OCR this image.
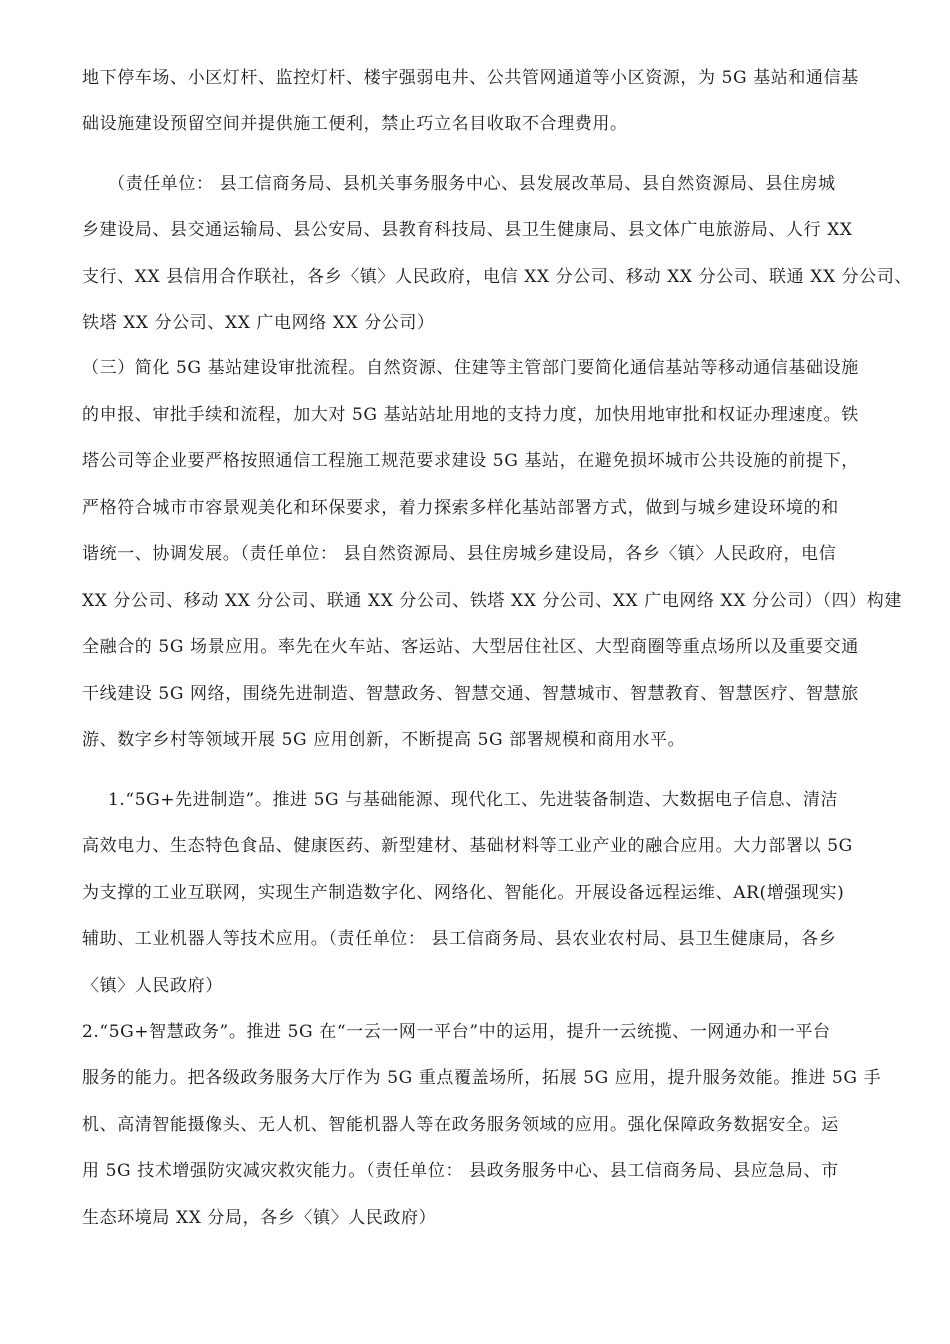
地下停车场、小区灯杆、监控灯杆、楼宇强弱电井、公共管网通道等小区资源，为 5G 基站和通信基
础设施建设预留空间并提供施工便利，禁止巧立名目收取不合理费用。
（责任单位： 县工信商务局、县机关事务服务中心、县发展改革局、县自然资源局、县住房城
乡建设局、县交通运输局、县公安局、县教育科技局、县卫生健康局、县文体广电旅游局、人行 XX
支行、XX 县信用合作联社，各乡〈镇〉人民政府，电信 XX 分公司、移动 XX 分公司、联通 XX 分公司、
铁塔 XX 分公司、XX 广电网络 XX 分公司）
（三）简化 5G 基站建设审批流程。自然资源、住建等主管部门要简化通信基站等移动通信基础设施
的申报、审批手续和流程，加大对 5G 基站站址用地的支持力度，加快用地审批和权证办理速度。铁
塔公司等企业要严格按照通信工程施工规范要求建设 5G 基站，在避免损坏城市公共设施的前提下，
严格符合城市市容景观美化和环保要求，着力探索多样化基站部署方式，做到与城乡建设环境的和
谐统一、协调发展。（责任单位： 县自然资源局、县住房城乡建设局，各乡〈镇〉人民政府，电信
XX 分公司、移动 XX 分公司、联通 XX 分公司、铁塔 XX 分公司、XX 广电网络 XX 分公司）（四）构建
全融合的 5G 场景应用。率先在火车站、客运站、大型居住社区、大型商圈等重点场所以及重要交通
干线建设 5G 网络，围绕先进制造、智慧政务、智慧交通、智慧城市、智慧教育、智慧医疗、智慧旅
游、数字乡村等领域开展 5G 应用创新，不断提高 5G 部署规模和商用水平。
1.“5G+先进制造”。推进 5G 与基础能源、现代化工、先进装备制造、大数据电子信息、清洁
高效电力、生态特色食品、健康医药、新型建材、基础材料等工业产业的融合应用。大力部署以 5G
为支撑的工业互联网，实现生产制造数字化、网络化、智能化。开展设备远程运维、AR(增强现实)
辅助、工业机器人等技术应用。（责任单位： 县工信商务局、县农业农村局、县卫生健康局，各乡
〈镇〉人民政府）
2.“5G+智慧政务”。推进 5G 在“一云一网一平台”中的运用，提升一云统揽、一网通办和一平台
服务的能力。把各级政务服务大厅作为 5G 重点覆盖场所，拓展 5G 应用，提升服务效能。推进 5G 手
机、高清智能摄像头、无人机、智能机器人等在政务服务领域的应用。强化保障政务数据安全。运
用 5G 技术增强防灾减灾救灾能力。（责任单位： 县政务服务中心、县工信商务局、县应急局、市
生态环境局 XX 分局，各乡〈镇〉人民政府）
